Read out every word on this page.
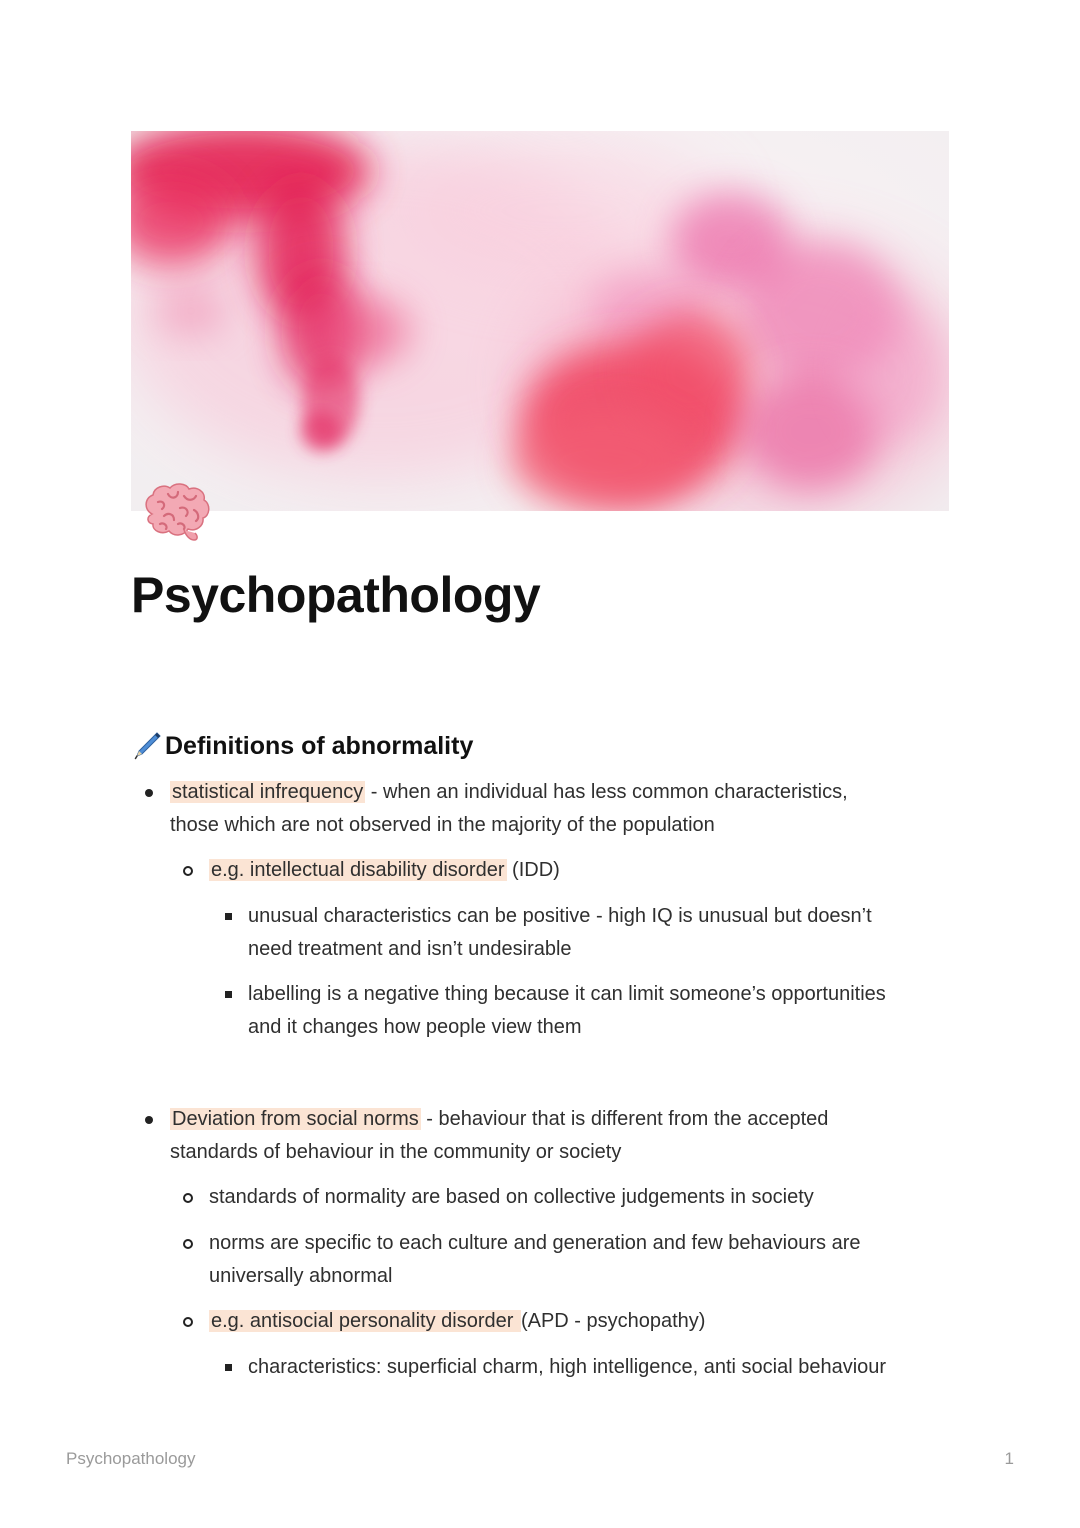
Psychopathology
Definitions of abnormality
statistical infrequency - when an individual has less common characteristics,
those which are not observed in the majority of the population
e.g. intellectual disability disorder (IDD)
unusual characteristics can be positive - high IQ is unusual but doesn’t
need treatment and isn’t undesirable
labelling is a negative thing because it can limit someone’s opportunities
and it changes how people view them
Deviation from social norms - behaviour that is different from the accepted
standards of behaviour in the community or society
standards of normality are based on collective judgements in society
norms are specific to each culture and generation and few behaviours are
universally abnormal
e.g. antisocial personality disorder (APD - psychopathy)
characteristics: superficial charm, high intelligence, anti social behaviour
Psychopathology	1
